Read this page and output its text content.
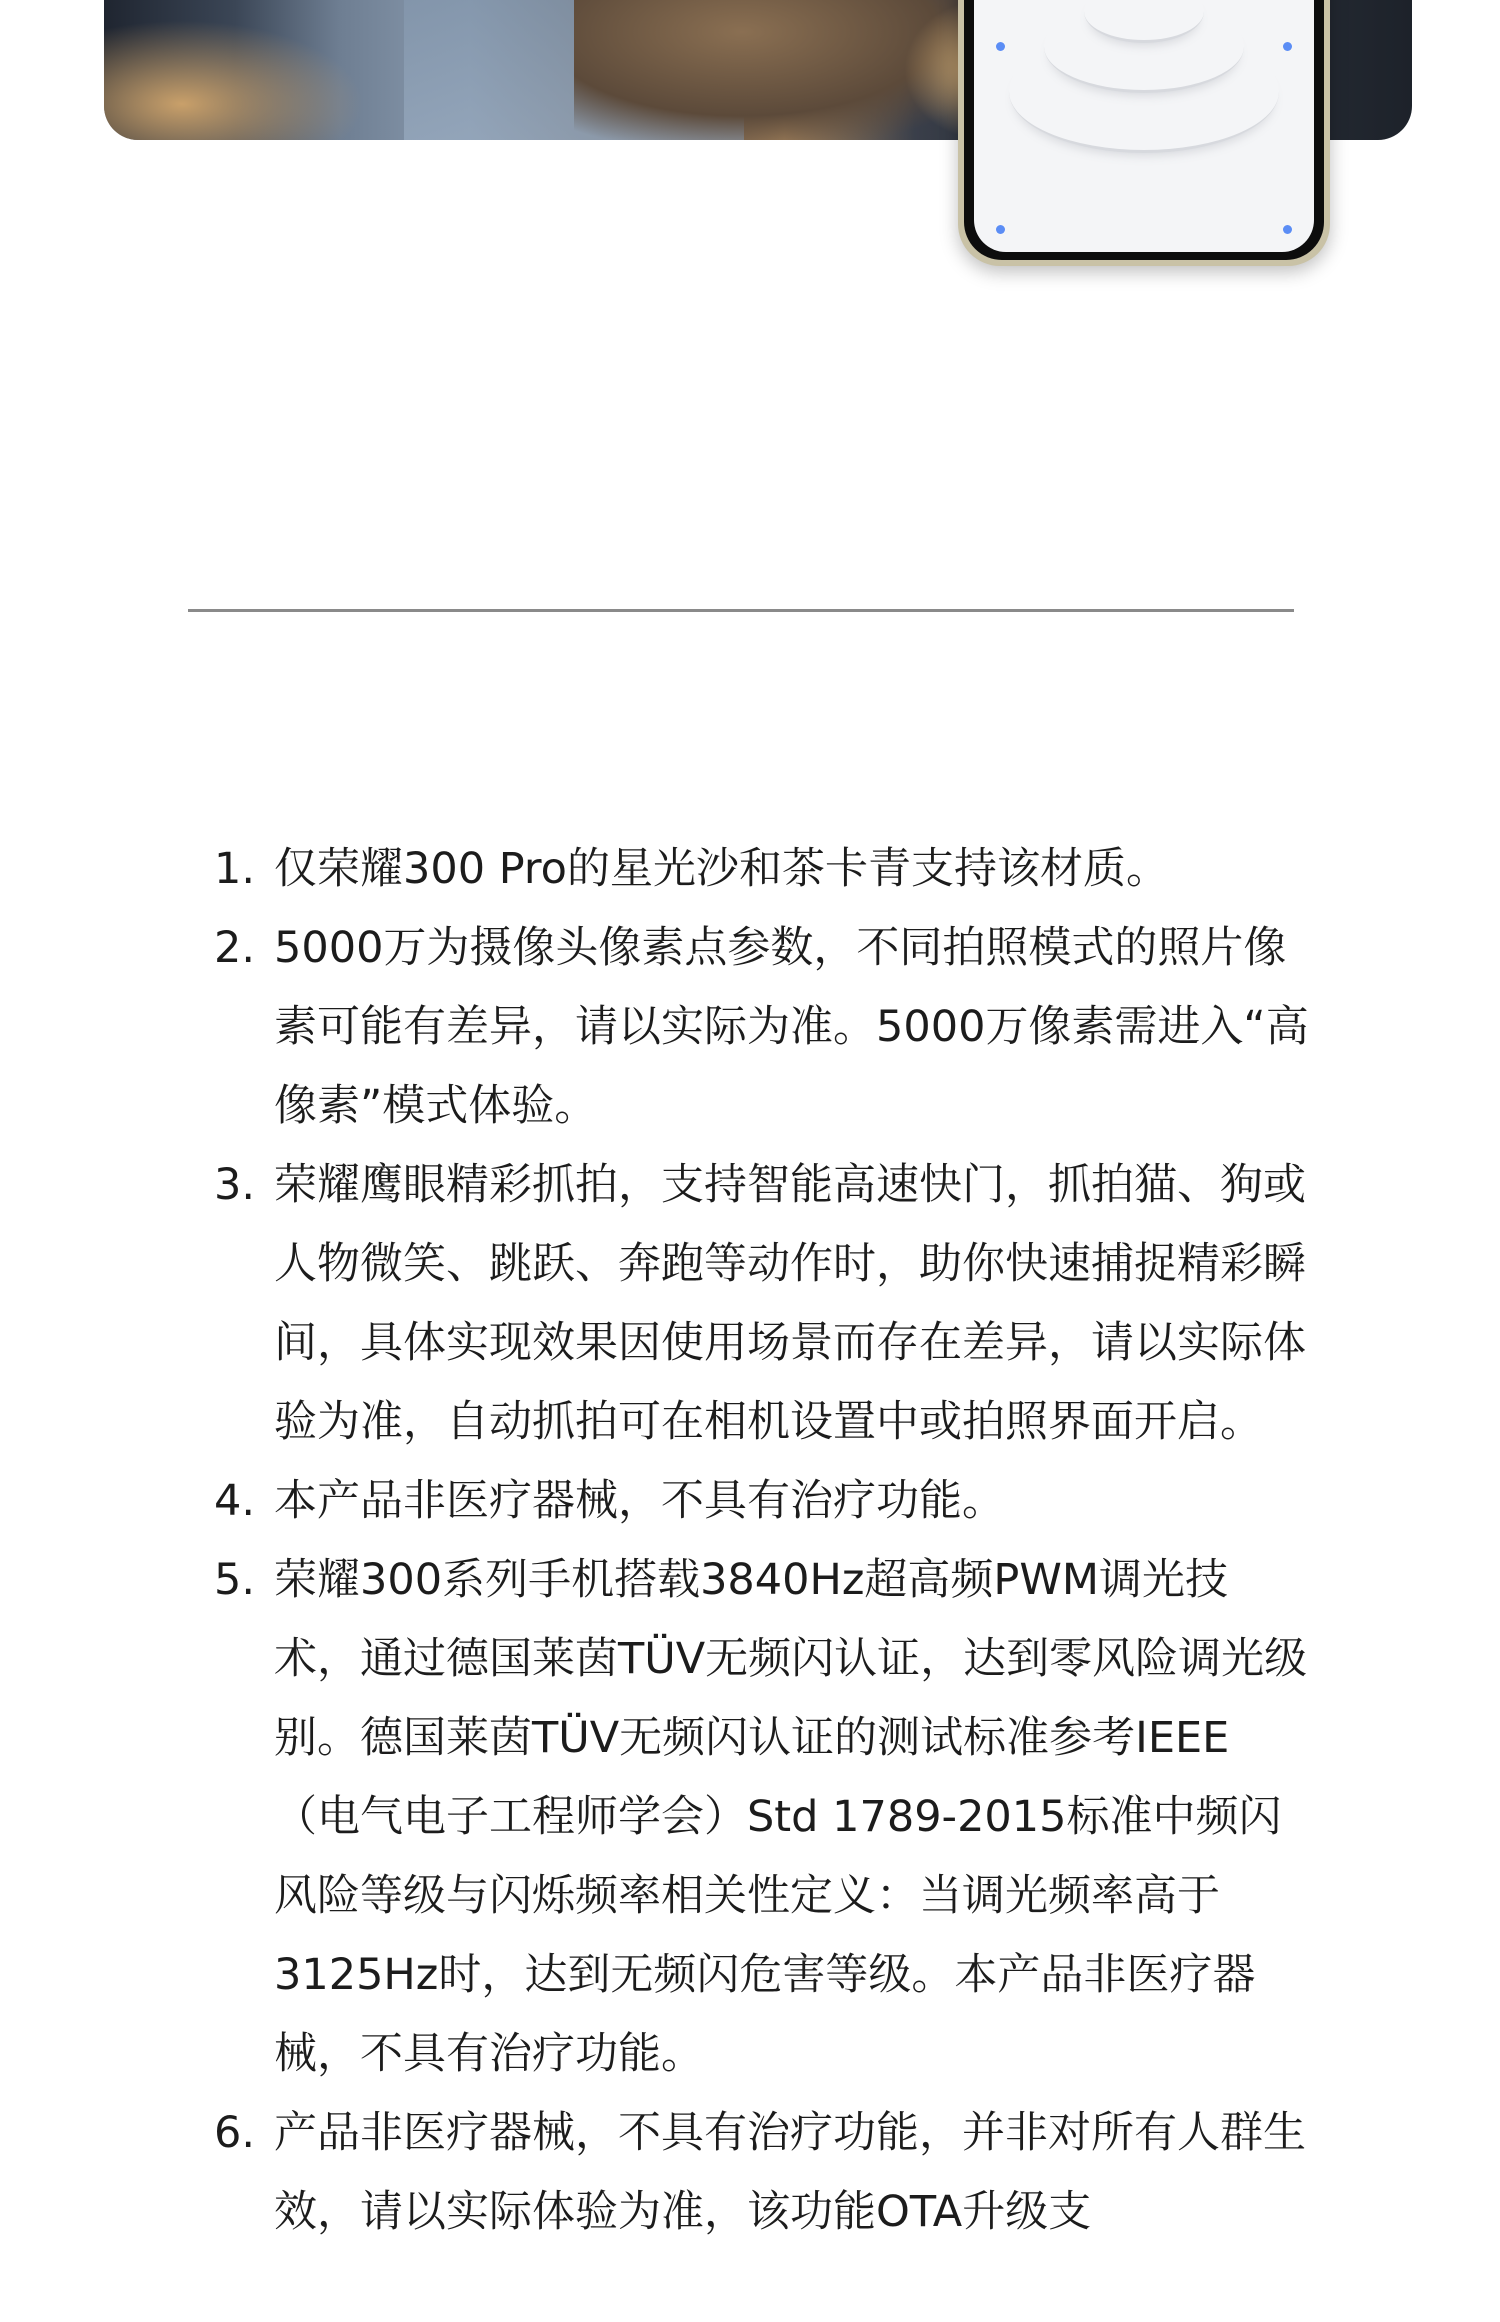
1. 仅荣耀300 Pro的星光沙和茶卡青支持该材质。
2. 5000万为摄像头像素点参数，不同拍照模式的照片像素可能有差异，请以实际为准。5000万像素需进入“高像素”模式体验。
3. 荣耀鹰眼精彩抓拍，支持智能高速快门，抓拍猫、狗或人物微笑、跳跃、奔跑等动作时，助你快速捕捉精彩瞬间，具体实现效果因使用场景而存在差异，请以实际体验为准，自动抓拍可在相机设置中或拍照界面开启。
4. 本产品非医疗器械，不具有治疗功能。
5. 荣耀300系列手机搭载3840Hz超高频PWM调光技术，通过德国莱茵TÜV无频闪认证，达到零风险调光级别。德国莱茵TÜV无频闪认证的测试标准参考IEEE（电气电子工程师学会）Std 1789-2015标准中频闪风险等级与闪烁频率相关性定义：当调光频率高于3125Hz时，达到无频闪危害等级。本产品非医疗器械，不具有治疗功能。
6. 产品非医疗器械，不具有治疗功能，并非对所有人群生效，请以实际体验为准，该功能OTA升级支
